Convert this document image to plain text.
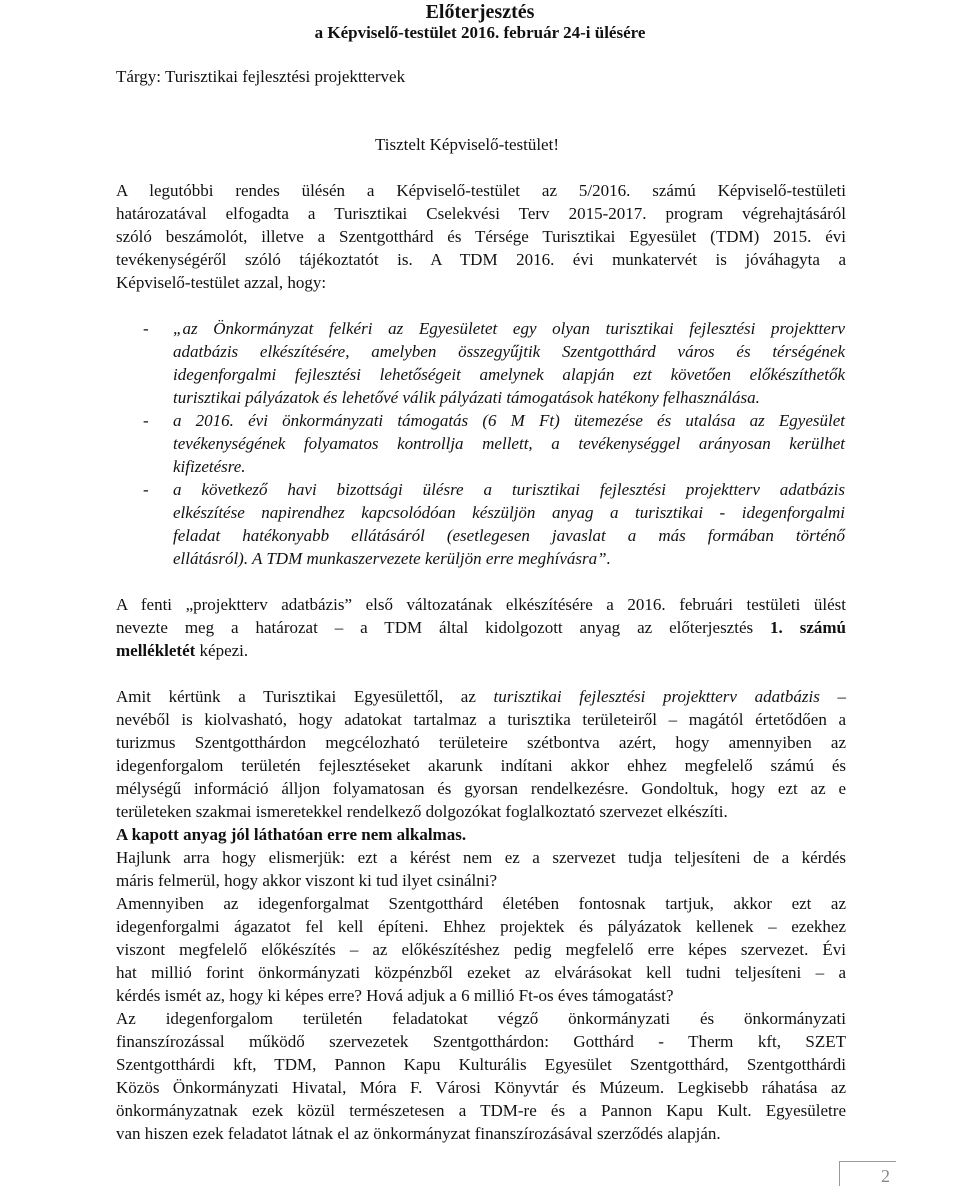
Előterjesztés
a Képviselő-testület 2016. február 24-i ülésére
Tárgy: Turisztikai fejlesztési projekttervek
Tisztelt Képviselő-testület!
A legutóbbi rendes ülésén a Képviselő-testület az 5/2016. számú Képviselő-testületi
határozatával elfogadta a Turisztikai Cselekvési Terv 2015-2017. program végrehajtásáról
szóló beszámolót, illetve a Szentgotthárd és Térsége Turisztikai Egyesület (TDM) 2015. évi
tevékenységéről szóló tájékoztatót is. A TDM 2016. évi munkatervét is jóváhagyta a
Képviselő-testület azzal, hogy:
- „az Önkormányzat felkéri az Egyesületet egy olyan turisztikai fejlesztési projektterv
adatbázis elkészítésére, amelyben összegyűjtik Szentgotthárd város és térségének
idegenforgalmi fejlesztési lehetőségeit amelynek alapján ezt követően előkészíthetők
turisztikai pályázatok és lehetővé válik pályázati támogatások hatékony felhasználása.
- a 2016. évi önkormányzati támogatás (6 M Ft) ütemezése és utalása az Egyesület
tevékenységének folyamatos kontrollja mellett, a tevékenységgel arányosan kerülhet
kifizetésre.
- a következő havi bizottsági ülésre a turisztikai fejlesztési projektterv adatbázis
elkészítése napirendhez kapcsolódóan készüljön anyag a turisztikai - idegenforgalmi
feladat hatékonyabb ellátásáról (esetlegesen javaslat a más formában történő
ellátásról). A TDM munkaszervezete kerüljön erre meghívásra”.
A fenti „projektterv adatbázis” első változatának elkészítésére a 2016. februári testületi ülést
nevezte meg a határozat – a TDM által kidolgozott anyag az előterjesztés 1. számú
mellékletét képezi.
Amit kértünk a Turisztikai Egyesülettől, az turisztikai fejlesztési projektterv adatbázis –
nevéből is kiolvasható, hogy adatokat tartalmaz a turisztika területeiről – magától értetődően a
turizmus Szentgotthárdon megcélozható területeire szétbontva azért, hogy amennyiben az
idegenforgalom területén fejlesztéseket akarunk indítani akkor ehhez megfelelő számú és
mélységű információ álljon folyamatosan és gyorsan rendelkezésre. Gondoltuk, hogy ezt az e
területeken szakmai ismeretekkel rendelkező dolgozókat foglalkoztató szervezet elkészíti.
A kapott anyag jól láthatóan erre nem alkalmas.
Hajlunk arra hogy elismerjük: ezt a kérést nem ez a szervezet tudja teljesíteni de a kérdés
máris felmerül, hogy akkor viszont ki tud ilyet csinálni?
Amennyiben az idegenforgalmat Szentgotthárd életében fontosnak tartjuk, akkor ezt az
idegenforgalmi ágazatot fel kell építeni. Ehhez projektek és pályázatok kellenek – ezekhez
viszont megfelelő előkészítés – az előkészítéshez pedig megfelelő erre képes szervezet. Évi
hat millió forint önkormányzati közpénzből ezeket az elvárásokat kell tudni teljesíteni – a
kérdés ismét az, hogy ki képes erre? Hová adjuk a 6 millió Ft-os éves támogatást?
Az idegenforgalom területén feladatokat végző önkormányzati és önkormányzati
finanszírozással működő szervezetek Szentgotthárdon: Gotthárd - Therm kft, SZET
Szentgotthárdi kft, TDM, Pannon Kapu Kulturális Egyesület Szentgotthárd, Szentgotthárdi
Közös Önkormányzati Hivatal, Móra F. Városi Könyvtár és Múzeum. Legkisebb ráhatása az
önkormányzatnak ezek közül természetesen a TDM-re és a Pannon Kapu Kult. Egyesületre
van hiszen ezek feladatot látnak el az önkormányzat finanszírozásával szerződés alapján.
2
